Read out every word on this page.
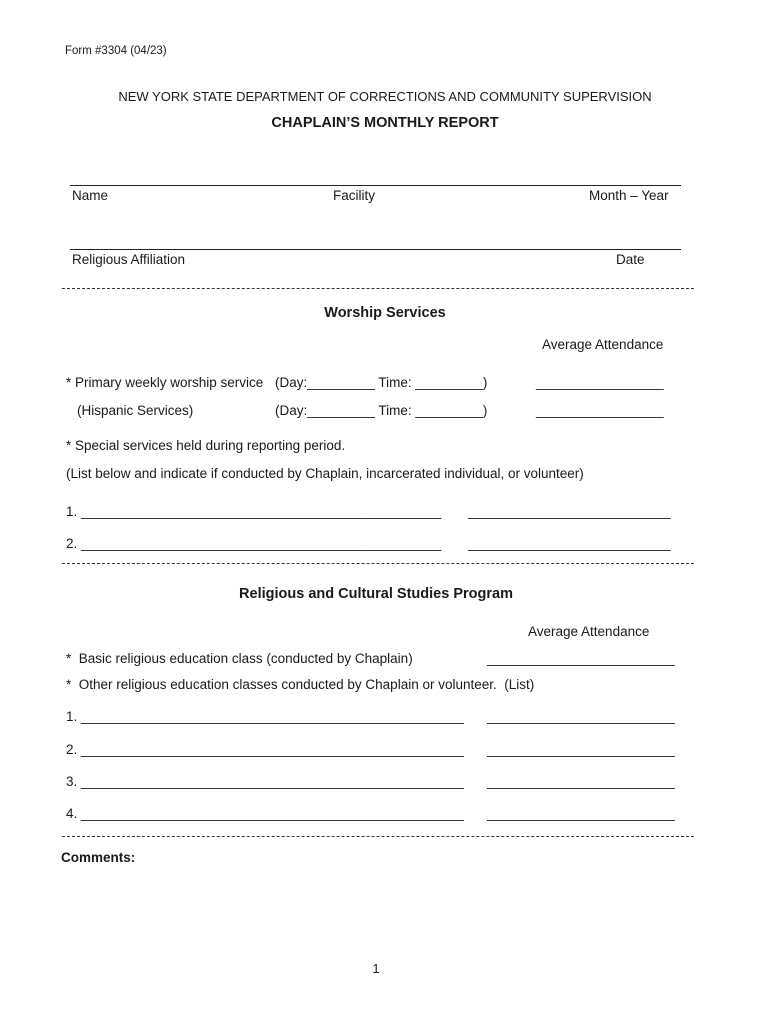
Form #3304 (04/23)
NEW YORK STATE DEPARTMENT OF CORRECTIONS AND COMMUNITY SUPERVISION
CHAPLAIN’S MONTHLY REPORT
Name	Facility	Month – Year
Religious Affiliation	Date
Worship Services
Average Attendance
* Primary weekly worship service (Day:_________ Time: _________)	_________________
(Hispanic Services)	(Day:_________ Time: _________)	_________________
* Special services held during reporting period.
(List below and indicate if conducted by Chaplain, incarcerated individual, or volunteer)
1. ________________________________________________ ___________________________
2. ________________________________________________ ___________________________
Religious and Cultural Studies Program
Average Attendance
*  Basic religious education class (conducted by Chaplain)	_________________________
*  Other religious education classes conducted by Chaplain or volunteer.  (List)
1. ___________________________________________________ _________________________
2. ___________________________________________________ _________________________
3. ___________________________________________________ _________________________
4. ___________________________________________________ _________________________
Comments:
1
